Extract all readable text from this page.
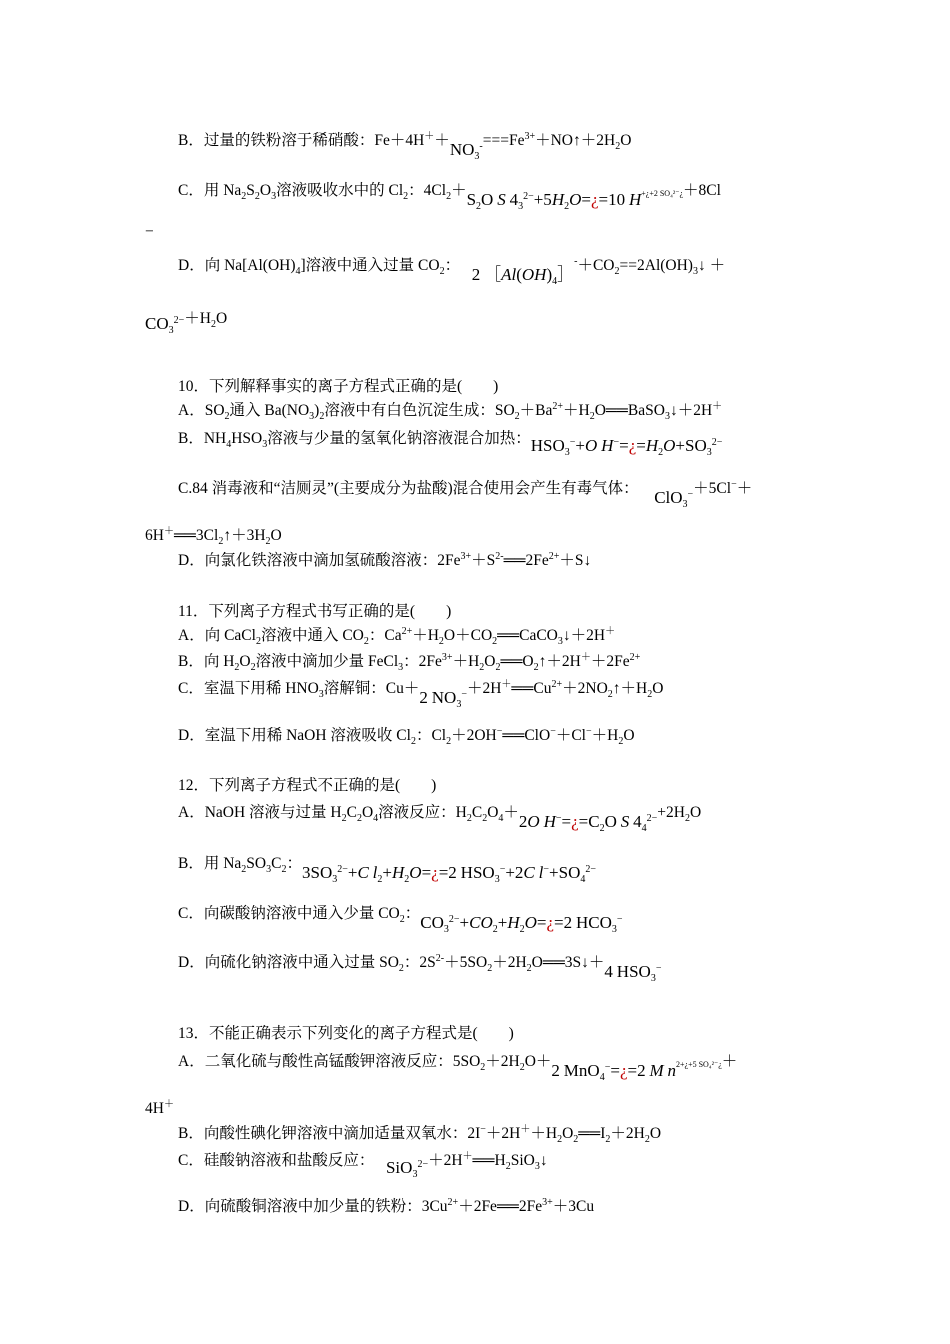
B．过量的铁粉溶于稀硝酸：$Fe+4H^++NO_3^-===Fe^{3+}+NO↑+2H_2O$
C．用 $Na_2S_2O_3$溶液吸收水中的 $Cl_2$：$4Cl_2+S_2O$ S $4_3^{2-}+5H_2O=¿=10$ $H^{+¿+2 SO_4^{2-}¿}+8Cl$
−
D．向 $Na[Al(OH)_4]$溶液中通入过量 $CO_2$： 2 $[Al(OH)_4]^-+CO_2==2Al(OH)_3↓$ ＋
$CO_3^{2-}+H_2O$
10．下列解释事实的离子方程式正确的是(　　)
A．$SO_2$通入 $Ba(NO_3)_2$溶液中有白色沉淀生成：$SO_2+Ba^{2+}+H_2O══BaSO_3↓+2H^+$
B．$NH_4HSO_3$溶液与少量的氢氧化钠溶液混合加热：$HSO_3^-+O$ $H^-=¿=H_2O+SO_3^{2-}$
C.84 消毒液和“洁厕灵”(主要成分为盐酸)混合使用会产生有毒气体： ClO$_3$−＋5Cl−＋
$6H^+══3Cl_2↑+3H_2O$
D．向氯化铁溶液中滴加氢硫酸溶液：$2Fe^{3+}+S^{2-}══2Fe^{2+}+S↓$
11．下列离子方程式书写正确的是(　　)
A．向 CaCl$_2$溶液中通入 $CO_2$：$Ca^{2+}+H_2O+CO_2══CaCO_3↓+2H^+$
B．向 $H_2O_2$溶液中滴加少量 FeCl$_3$：$2Fe^{3+}+H_2O_2══O_2↑+2H^++2Fe^{2+}$
C．室温下用稀 $HNO_3$溶解铜：Cu＋2 $NO_3^-+2H^+══Cu^{2+}+2NO_2↑+H_2O$
D．室温下用稀 NaOH 溶液吸收 $Cl_2$：$Cl_2+2OH^-══ClO^-+Cl^-+H_2O$
12．下列离子方程式不正确的是(　　)
A．NaOH 溶液与过量 $H_2C_2O_4$溶液反应：$H_2C_2O_4+2O$ $H^-=¿=C_2O$ S $4_4^{2-}+2H_2O$
B．用 $Na_2SO_3C_2$：$3SO_3^{2-}+C$ $l_2+H_2O=¿=2$ $HSO_3^-+2C$ $l^-+SO_4^{2-}$
C．向碳酸钠溶液中通入少量 $CO_2$：$CO_3^{2-}+CO_2+H_2O=¿=2$ $HCO_3^-$
D．向硫化钠溶液中通入过量 $SO_2$：$2S^{2-}+5SO_2+2H_2O══3S↓+4$ $HSO_3^-$
13．不能正确表示下列变化的离子方程式是(　　)
A．二氧化硫与酸性高锰酸钾溶液反应：$5SO_2+2H_2O+2$ MnO$_4$−=¿=2 M $n^{2+¿+5 SO_4^{2-}¿}+$
4H＋
B．向酸性碘化钾溶液中滴加适量双氧水：$2I^-+2H^++H_2O_2══I_2+2H_2O$
C．硅酸钠溶液和盐酸反应： $SiO_3^{2-}+2H^+══H_2SiO_3↓$
D．向硫酸铜溶液中加少量的铁粉：$3Cu^{2+}+2Fe══2Fe^{3+}+3Cu$
